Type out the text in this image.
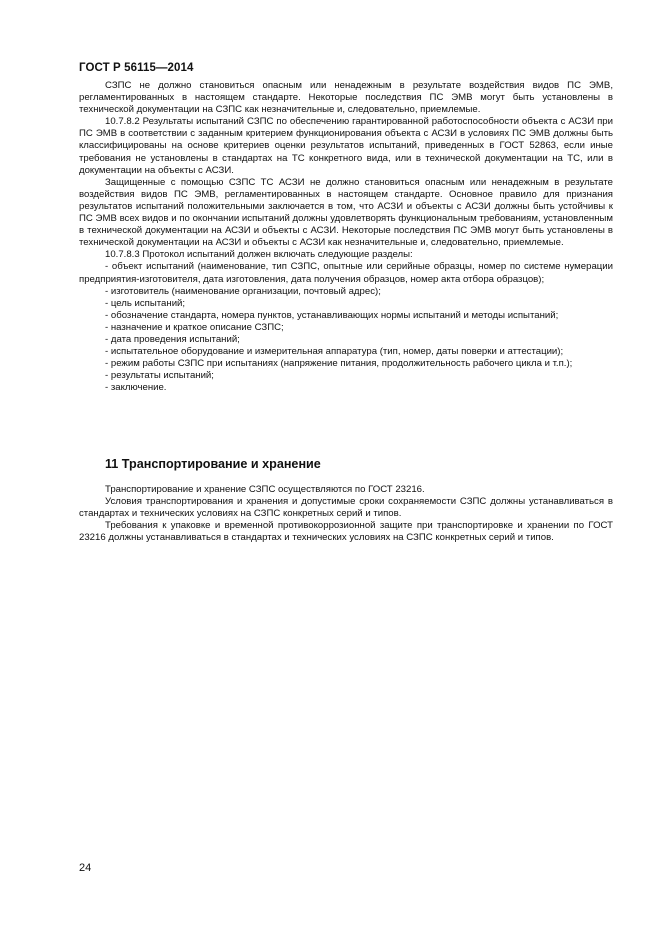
ГОСТ Р 56115—2014

СЗПС не должно становиться опасным или ненадежным в результате воздействия видов ПС ЭМВ, регламентированных в настоящем стандарте. Некоторые последствия ПС ЭМВ могут быть установлены в технической документации на СЗПС как незначительные и, следовательно, приемлемые.

10.7.8.2 Результаты испытаний СЗПС по обеспечению гарантированной работоспособности объекта с АСЗИ при ПС ЭМВ в соответствии с заданным критерием функционирования объекта с АСЗИ в условиях ПС ЭМВ должны быть классифицированы на основе критериев оценки результатов испытаний, приведенных в ГОСТ 52863, если иные требования не установлены в стандартах на ТС конкретного вида, или в технической документации на ТС, или в документации на объекты с АСЗИ.

Защищенные с помощью СЗПС ТС АСЗИ не должно становиться опасным или ненадежным в результате воздействия видов ПС ЭМВ, регламентированных в настоящем стандарте. Основное правило для признания результатов испытаний положительными заключается в том, что АСЗИ и объекты с АСЗИ должны быть устойчивы к ПС ЭМВ всех видов и по окончании испытаний должны удовлетворять функциональным требованиям, установленным в технической документации на АСЗИ и объекты с АСЗИ. Некоторые последствия ПС ЭМВ могут быть установлены в технической документации на АСЗИ и объекты с АСЗИ как незначительные и, следовательно, приемлемые.

10.7.8.3 Протокол испытаний должен включать следующие разделы:

- объект испытаний (наименование, тип СЗПС, опытные или серийные образцы, номер по системе нумерации предприятия-изготовителя, дата изготовления, дата получения образцов, номер акта отбора образцов);

- изготовитель (наименование организации, почтовый адрес);

- цель испытаний;

- обозначение стандарта, номера пунктов, устанавливающих нормы испытаний и методы испытаний;

- назначение и краткое описание СЗПС;

- дата проведения испытаний;

- испытательное оборудование и измерительная аппаратура (тип, номер, даты поверки и аттестации);

- режим работы СЗПС при испытаниях (напряжение питания, продолжительность рабочего цикла и т.п.);

- результаты испытаний;

- заключение.

11 Транспортирование и хранение

Транспортирование и хранение СЗПС осуществляются по ГОСТ 23216.

Условия транспортирования и хранения и допустимые сроки сохраняемости СЗПС должны устанавливаться в стандартах и технических условиях на СЗПС конкретных серий и типов.

Требования к упаковке и временной противокоррозионной защите при транспортировке и хранении по ГОСТ 23216 должны устанавливаться в стандартах и технических условиях на СЗПС конкретных серий и типов.

24
